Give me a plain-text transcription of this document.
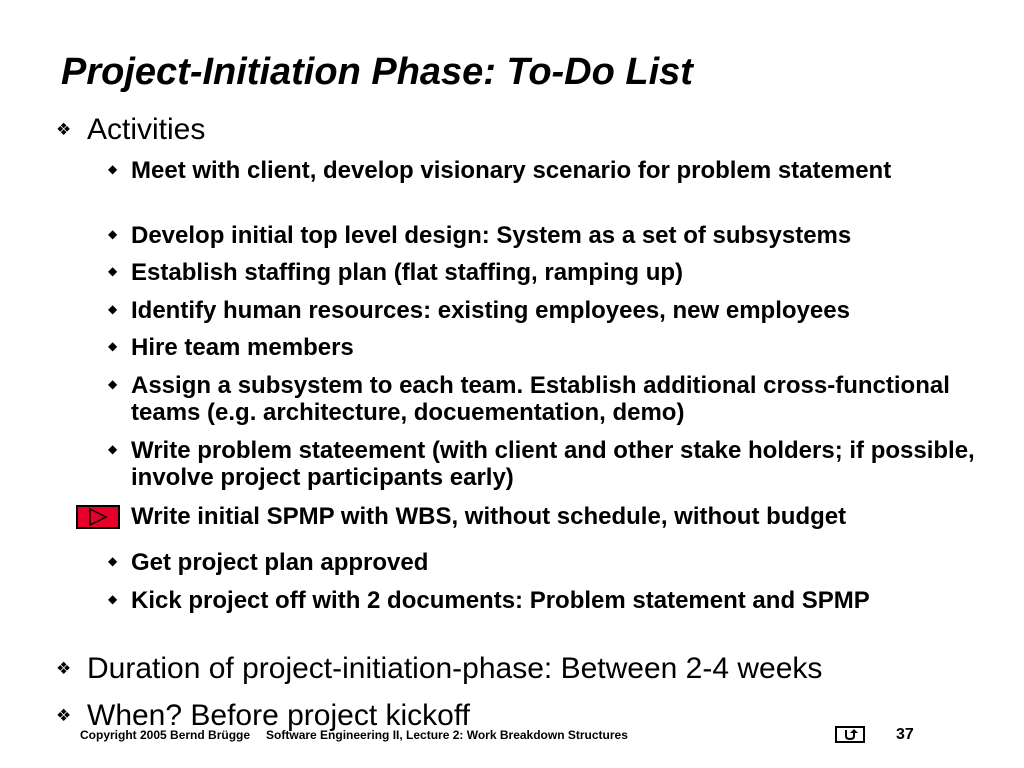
Project-Initiation Phase: To-Do List
❖ Activities
◆ Meet with client, develop visionary scenario for problem statement
◆ Develop initial top level design: System as a set of subsystems
◆ Establish staffing plan (flat staffing, ramping up)
◆ Identify human resources: existing employees, new employees
◆ Hire team members
◆ Assign a subsystem to each team. Establish additional cross-functional teams (e.g. architecture, docuementation, demo)
◆ Write problem stateement (with client and other stake holders; if possible, involve project participants early)
Write initial SPMP with WBS, without schedule, without budget
◆ Get project plan approved
◆ Kick project off with 2 documents: Problem statement and SPMP
❖ Duration of project-initiation-phase: Between 2-4 weeks
❖ When? Before project kickoff
Copyright 2005 Bernd Brügge Software Engineering II, Lecture 2: Work Breakdown Structures	37
